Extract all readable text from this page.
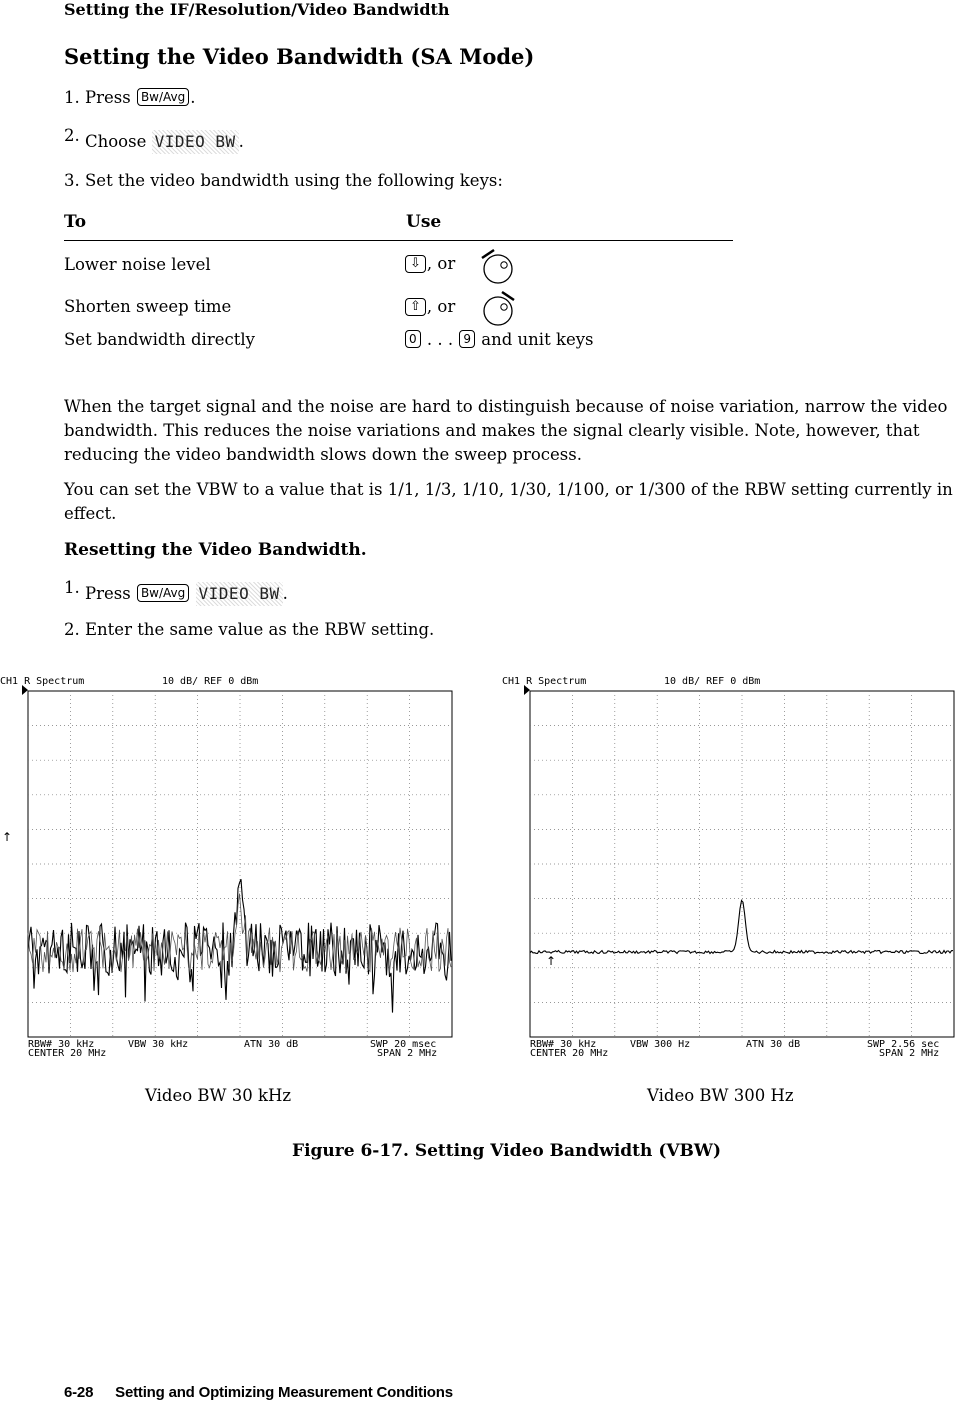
Setting the IF/Resolution/Video Bandwidth
Setting the Video Bandwidth (SA Mode)
1. Press Bw/Avg .
2. Choose VIDEO BW .
3. Set the video bandwidth using the following keys:
To	Use
Lower noise level	⇩ , or
Shorten sweep time	⇧ , or
Set bandwidth directly	0 . . . 9 and unit keys
When the target signal and the noise are hard to distinguish because of noise variation, narrow the video bandwidth. This reduces the noise variations and makes the signal clearly visible. Note, however, that reducing the video bandwidth slows down the sweep process.
You can set the VBW to a value that is 1/1, 1/3, 1/10, 1/30, 1/100, or 1/300 of the RBW setting currently in effect.
Resetting the Video Bandwidth.
1. Press Bw/Avg VIDEO BW .
2. Enter the same value as the RBW setting.
CH1 R Spectrum	10 dB/ REF 0 dBm
↑
RBW# 30 kHz	VBW 30 kHz	ATN 30 dB	SWP 20 msec
CENTER 20 MHz	SPAN 2 MHz
Video BW 30 kHz
CH1 R Spectrum	10 dB/ REF 0 dBm
↑
RBW# 30 kHz	VBW 300 Hz	ATN 30 dB	SWP 2.56 sec
CENTER 20 MHz	SPAN 2 MHz
Video BW 300 Hz
Figure 6-17. Setting Video Bandwidth (VBW)
6-28 Setting and Optimizing Measurement Conditions
